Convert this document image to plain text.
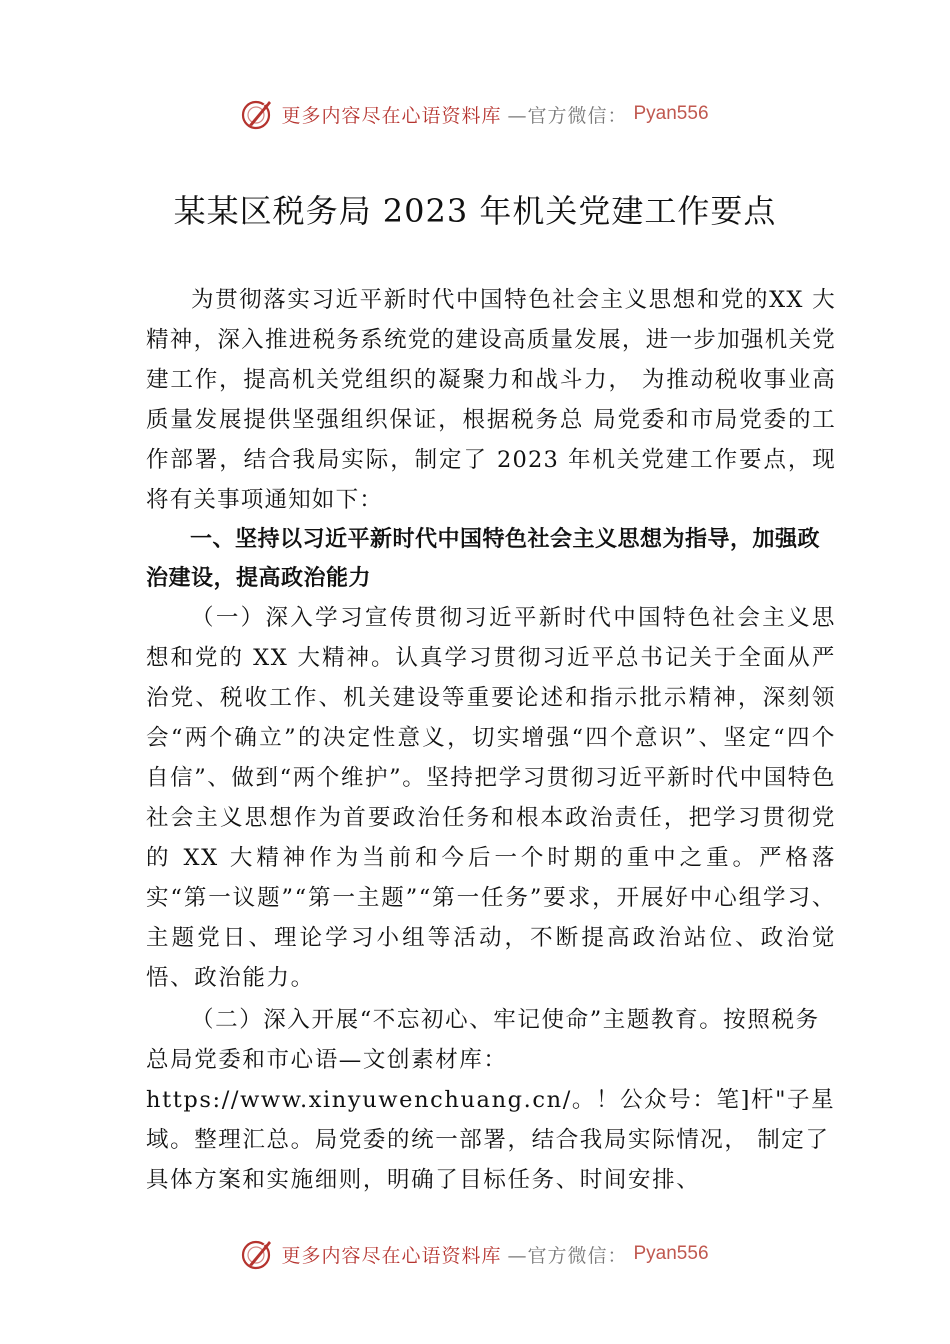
更多内容尽在心语资料库 —官方微信： Pyan556
某某区税务局 2023 年机关党建工作要点

为贯彻落实习近平新时代中国特色社会主义思想和党的XX 大精神，深入推进税务系统党的建设高质量发展，进一步加强机关党建工作，提高机关党组织的凝聚力和战斗力， 为推动税收事业高质量发展提供坚强组织保证，根据税务总 局党委和市局党委的工作部署，结合我局实际，制定了 2023 年机关党建工作要点，现将有关事项通知如下：

一、坚持以习近平新时代中国特色社会主义思想为指导，加强政治建设，提高政治能力

（一）深入学习宣传贯彻习近平新时代中国特色社会主义思想和党的 XX 大精神。认真学习贯彻习近平总书记关于全面从严治党、税收工作、机关建设等重要论述和指示批示精神，深刻领会“两个确立”的决定性意义，切实增强“四个意识”、坚定“四个自信”、做到“两个维护”。坚持把学习贯彻习近平新时代中国特色社会主义思想作为首要政治任务和根本政治责任，把学习贯彻党的 XX 大精神作为当前和今后一个时期的重中之重。严格落实“第一议题”“第一主题”“第一任务”要求，开展好中心组学习、主题党日、理论学习小组等活动，不断提高政治站位、政治觉悟、政治能力。

（二）深入开展“不忘初心、牢记使命”主题教育。按照税务总局党委和市心语—文创素材库：https://www.xinyuwenchuang.cn/。！公众号：笔]杆"子星域。整理汇总。局党委的统一部署，结合我局实际情况， 制定了具体方案和实施细则，明确了目标任务、时间安排、

更多内容尽在心语资料库 —官方微信： Pyan556
